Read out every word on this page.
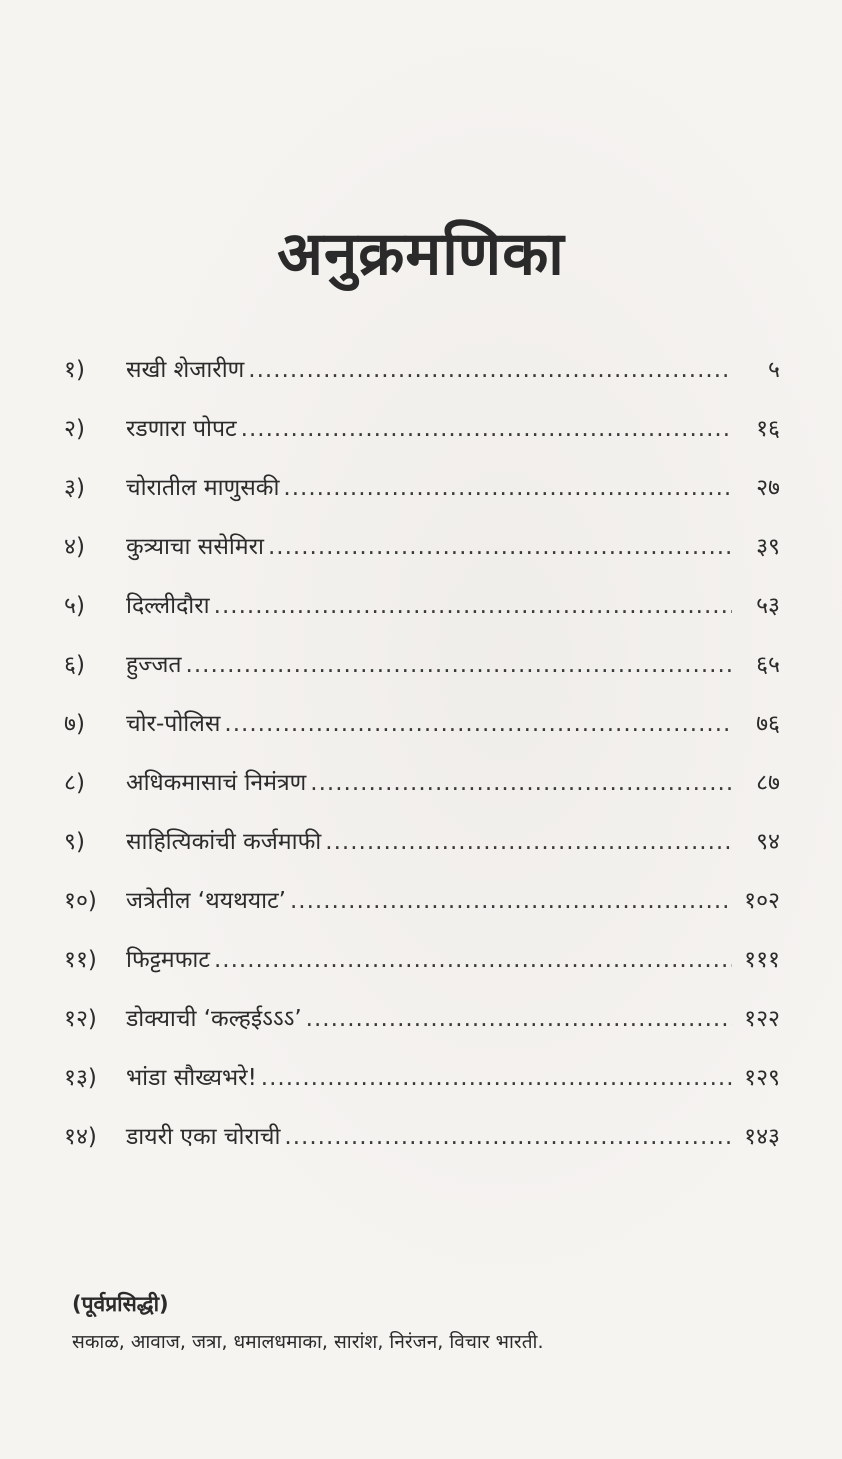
अनुक्रमणिका
१)	सखी शेजारीण .....	५
२)	रडणारा पोपट .....	१६
३)	चोरातील माणुसकी .....	२७
४)	कुत्र्याचा ससेमिरा .....	३९
५)	दिल्लीदौरा .....	५३
६)	हुज्जत .....	६५
७)	चोर-पोलिस .....	७६
८)	अधिकमासाचं निमंत्रण .....	८७
९)	साहित्यिकांची कर्जमाफी .....	९४
१०)	जत्रेतील ‘थयथयाट’ .....	१०२
११)	फिट्टमफाट .....	१११
१२)	डोक्याची ‘कल्हईऽऽऽ’ .....	१२२
१३)	भांडा सौख्यभरे! .....	१२९
१४)	डायरी एका चोराची .....	१४३
(पूर्वप्रसिद्धी)
सकाळ, आवाज, जत्रा, धमालधमाका, सारांश, निरंजन, विचार भारती.
